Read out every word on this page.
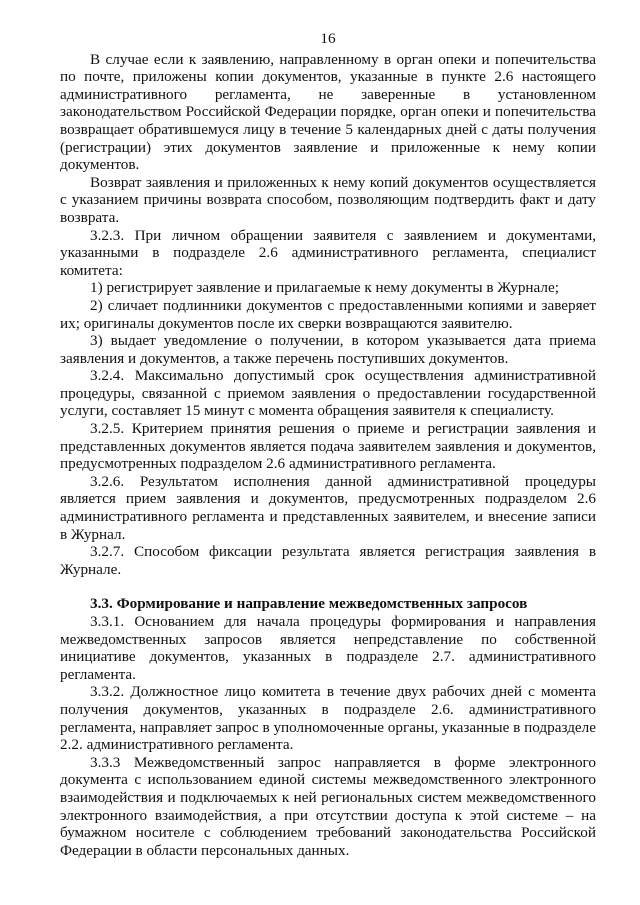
16

В случае если к заявлению, направленному в орган опеки и попечительства по почте, приложены копии документов, указанные в пункте 2.6 настоящего административного регламента, не заверенные в установленном законодательством Российской Федерации порядке, орган опеки и попечительства возвращает обратившемуся лицу в течение 5 календарных дней с даты получения (регистрации) этих документов заявление и приложенные к нему копии документов.

Возврат заявления и приложенных к нему копий документов осуществляется с указанием причины возврата способом, позволяющим подтвердить факт и дату возврата.

3.2.3. При личном обращении заявителя с заявлением и документами, указанными в подразделе 2.6 административного регламента, специалист комитета:

1) регистрирует заявление и прилагаемые к нему документы в Журнале;

2) сличает подлинники документов с предоставленными копиями и заверяет их; оригиналы документов после их сверки возвращаются заявителю.

3) выдает уведомление о получении, в котором указывается дата приема заявления и документов, а также перечень поступивших документов.

3.2.4. Максимально допустимый срок осуществления административной процедуры, связанной с приемом заявления о предоставлении государственной услуги, составляет 15 минут с момента обращения заявителя к специалисту.

3.2.5. Критерием принятия решения о приеме и регистрации заявления и представленных документов является подача заявителем заявления и документов, предусмотренных подразделом 2.6 административного регламента.

3.2.6. Результатом исполнения данной административной процедуры является прием заявления и документов, предусмотренных подразделом 2.6 административного регламента и представленных заявителем, и внесение записи в Журнал.

3.2.7. Способом фиксации результата является регистрация заявления в Журнале.

3.3. Формирование и направление межведомственных запросов

3.3.1. Основанием для начала процедуры формирования и направления межведомственных запросов является непредставление по собственной инициативе документов, указанных в подразделе 2.7. административного регламента.

3.3.2. Должностное лицо комитета в течение двух рабочих дней с момента получения документов, указанных в подразделе 2.6. административного регламента, направляет запрос в уполномоченные органы, указанные в подразделе 2.2. административного регламента.

3.3.3 Межведомственный запрос направляется в форме электронного документа с использованием единой системы межведомственного электронного взаимодействия и подключаемых к ней региональных систем межведомственного электронного взаимодействия, а при отсутствии доступа к этой системе – на бумажном носителе с соблюдением требований законодательства Российской Федерации в области персональных данных.
